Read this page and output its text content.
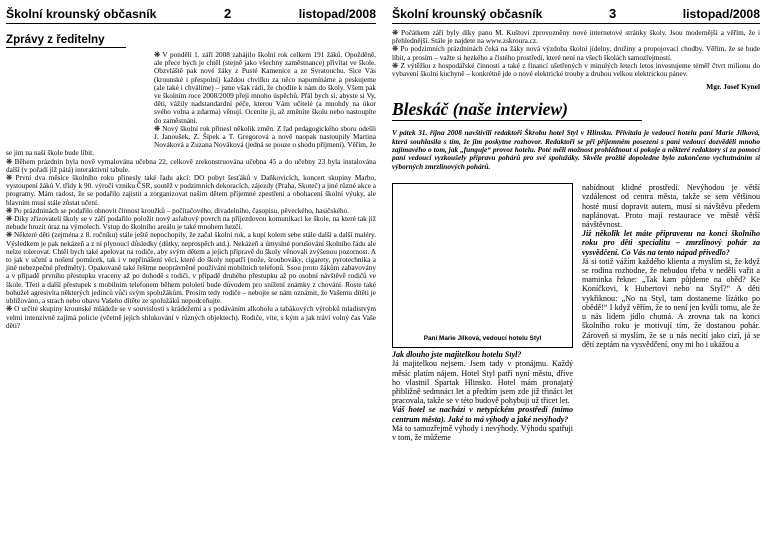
Školní krounský občasník	2	listopad/2008
Zprávy z ředitelny

❋ V pondělí 1. září 2008 zahájilo školní rok celkem 191 žáků. Opožděně, ale přece bych je chtěl (stejně jako všechny zaměstnance) přivítat ve škole. Obzvláště pak nové žáky z Pusté Kamenice a ze Svratouchu. Sice Vás (krounské i přespolní) každou chvilku za něco napomínáme a peskujeme (ale také i chválíme) – jsme však rádi, že chodíte k nám do školy. Všem pak ve školním roce 2008/2009 přeji mnoho úspěchů. Přál bych si, abyste si Vy, děti, vážily nadstandardní péče, kterou Vám učitelé (a mnohdy na úkor svého volna a zdarma) věnují. Ocenitе ji, až změníte školu nebo nastoupíte do zaměstnání.

❋ Nový školní rok přinesl několik změn. Z řad pedagogického sboru odešli J. Janoušek, Z. Šípek a T. Gregorová a nově naopak nastoupily Martina Nováková a Zuzana Nováková (jedná se pouze o shodu příjmení). Věřím, že se jim na naší škole bude líbit.

❋ Během prázdnin byla nově vymalována učebna 22, celkově zrekonstruována učebna 45 a do učebny 23 byla instalována další (v pořadí již pátá) interaktivní tabule.

❋ První dva měsíce školního roku přinesly také řadu akcí: DO pobyt šesťáků v Daňkovicích, koncert skupiny Marbo, vystoupení žáků V. třídy k 90. výročí vzniku ČSR, soutěž v podzimních dekoracích, zájezdy (Praha, Skuteč) a jiné různé akce a programy. Mám radost, že se podařilo zajistit a zorganizovat našim dětem příjemné zpestření a obohacení školní výuky, ale hlavním musí stále zůstat učení.

❋ Po prázdninách se podařilo obnovit činnost kroužků – počítačového, divadelního, časopisu, pěveckého, hasičského.

❋ Díky zřizovateli školy se v září podařilo položit nový asfaltový povrch na příjezdovou komunikaci ke škole, na které tak již nebude hrozit úraz na výmolech. Vstup do školního areálu je také mnohem hezčí.

❋ Některé děti (zejména z 8. ročníku) stále ještě nepochopily, že začal školní rok, a kupí kolem sebe stále další a další maléry. Výsledkem je pak nekázeň a z ní plynoucí důsledky (důtky, neprospěch atd.). Nekázeň a úmyslné porušování školního řádu ale nelze tolerovat. Chtěl bych také apelovat na rodiče, aby svým dětem a jejich přípravě do školy věnovali zvýšenou pozornost. A to jak v učení a nošení pomůcek, tak i v nepřinášení věcí, které do školy nepatří (nože, šroubováky, cigarety, pyrotechnika a jiné nebezpečné předměty). Opakovaně také řešíme neoprávněné používání mobilních telefonů. Ssou proto žákům zabavovány a v případě prvního přestupku vraceny až po dohodě s rodiči, v případě druhého přestupku až po osobní návštěvě rodičů ve škole. Třetí a další přestupek s mobilním telefonem během pololetí bude důvodem pro snížení známky z chování. Roste také bohužel agresivita některých jedinců vůči svým spolužákům. Prosím tedy rodiče – nebojte se nám oznámit, že Vašemu dítěti je ubližováno, a strach nebo obavu Vašeho dítěte ze spolužáků nepodceňujte.

❋ O určité skupiny krounské mládeže se v souvislosti s krádežemi a s podáváním alkoholu a tabákových výrobků mladistvým velmi intenzivně zajímá policie (včetně jejich shlukování v různých objektech). Rodiče, víte, s kým a jak tráví volný čas Vaše děti?

Školní krounský občasník	3	listopad/2008

❋ Počátkem září byly díky panu M. Kuštovi zprovozněny nové internetové stránky školy. Jsou modernější a věřím, že i přehlednější. Stále je najdete na www.zskroura.cz.

❋ Po podzimních prázdninách čeká na žáky nová výzdoba školní jídelny, družiny a propojovací chodby. Věřím, že se bude líbit, a prosím – važte si hezkého a čistého prostředí, které není na všech školách samozřejmostí.

❋ Z výtěžku z hospodářské činnosti a také z financí ušetřených v minulých letech letos investujeme téměř čtvrt milionu do vybavení školní kuchyně – konkrétně jde o nové elektrické trouby a druhou velkou elektrickou pánev.

Mgr. Josef Kynel
Bleskáč (naše interview)
V pátek 31. října 2008 navštívili redaktoři Škrobu hotel Styl v Hlinsku. Přivítala je vedoucí hotelu paní Marie Jílková, která souhlasila s tím, že jim poskytne rozhovor. Redaktoři se při příjemném posezení s paní vedoucí dozvěděli mnoho zajímavého o tom, jak „funguje“ provoz hotelu. Poté měli možnost prohlédnout si pokoje a některé redaktory si za pomocí paní vedoucí vyzkoušely přípravu pohárů pro své spolužáky. Skvěle prožité dopoledne bylo zakončeno vychutnáním si výborných zmrzlinových pohárů.
Paní Marie Jílková, vedoucí hotelu Styl
Jak dlouho jste majitelkou hotelu Styl?
Já majitelkou nejsem. Jsem tady v pronájmu. Každý měsíc platím nájem. Hotel Styl patří nyní městu, dříve ho vlastnil Spartak Hlinsko. Hotel mám pronajatý přibližně sedmnáct let a předtím jsem zde již třináct let pracovala, takže se v této budově pohybuji už třicet let.
Váš hotel se nachází v netypickém prostředí (mimo centrum města). Jaké to má výhody a jaké nevýhody?
Má to samozřejmě výhody i nevýhody. Výhodu spatřuji v tom, že můžeme
nabídnout klidné prostředí. Nevýhodou je větší vzdálenost od centra města, takže se sem většinou hosté musí dopravit autem, musí si návštěvu předem naplánovat. Proto mají restaurace ve městě větší návštěvnost.
Již několik let máte připravenu na konci školního roku pro děti specialitu – zmrzlinový pohár za vysvědčení. Co Vás na tento nápad přivedlo?
Já si totiž vážím každého klienta a myslím si, že když se rodina rozhodne, že nebudou třeba v neděli vařit a maminka řekne: „Tak kam půjdeme na oběd? Ke Koníčkovi, k Hubertovi nebo na Styl?“ A děti vykřiknou: „No na Styl, tam dostaneme lízátko po obědě!“ I když věřím, že to není jen kvůli tomu, ale že u nás lidem jídlo chutná. A zrovna tak na konci školního roku je motivují tím, že dostanou pohár. Zároveň si myslím, že se u nás necítí jako cizí, já se dětí zeptám na vysvědčení, ony mi ho i ukážou a
